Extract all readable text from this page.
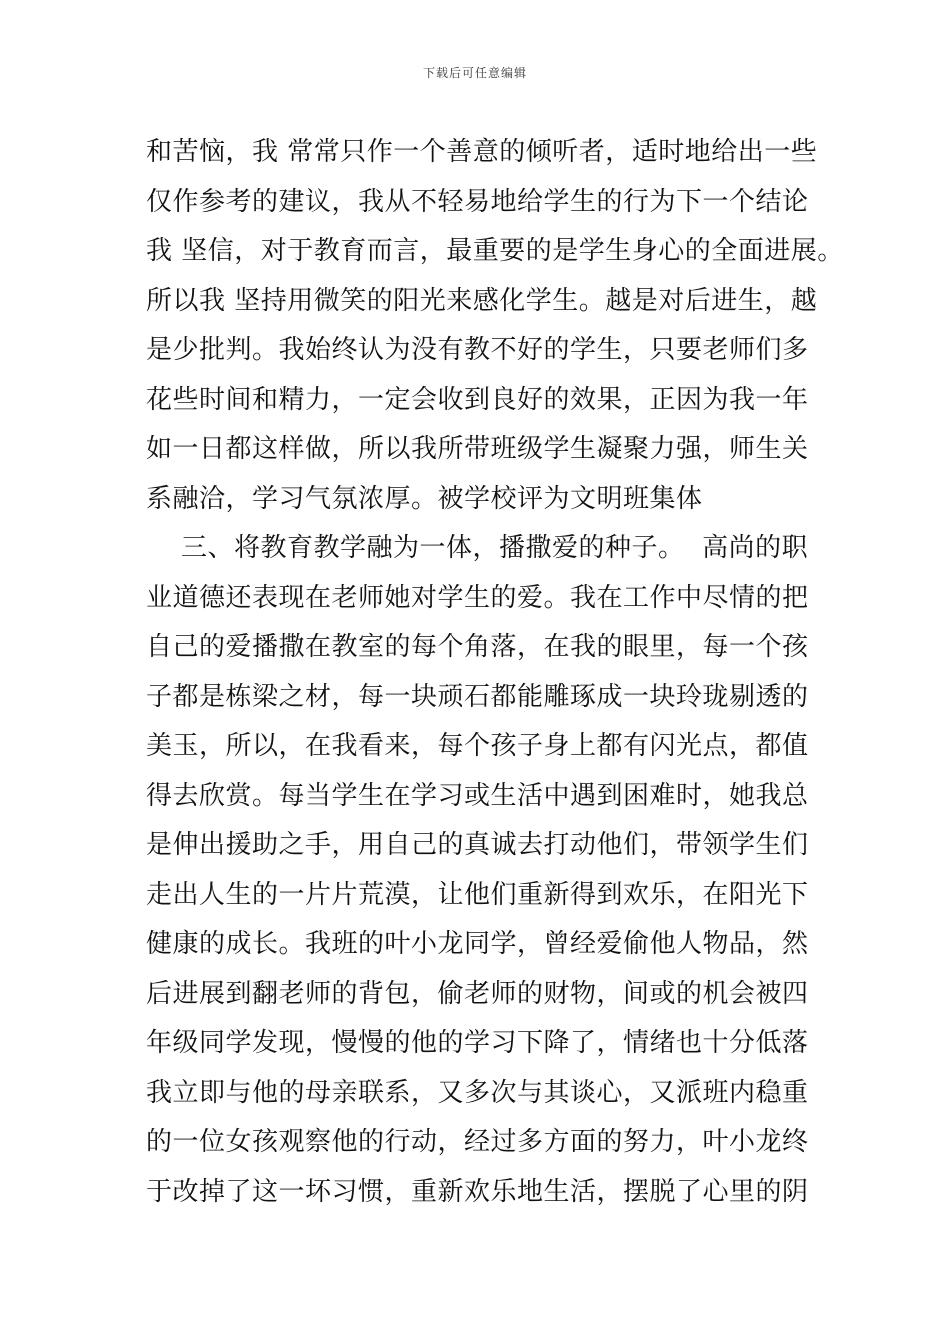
下载后可任意编辑
和苦恼，我 常常只作一个善意的倾听者，适时地给出一些
仅作参考的建议，我从不轻易地给学生的行为下一个结论
我 坚信，对于教育而言，最重要的是学生身心的全面进展。
所以我 坚持用微笑的阳光来感化学生。越是对后进生，越
是少批判。我始终认为没有教不好的学生，只要老师们多
花些时间和精力，一定会收到良好的效果，正因为我一年
如一日都这样做，所以我所带班级学生凝聚力强，师生关
系融洽，学习气氛浓厚。被学校评为文明班集体
三、将教育教学融为一体，播撒爱的种子。  高尚的职
业道德还表现在老师她对学生的爱。我在工作中尽情的把
自己的爱播撒在教室的每个角落，在我的眼里，每一个孩
子都是栋梁之材，每一块顽石都能雕琢成一块玲珑剔透的
美玉，所以，在我看来，每个孩子身上都有闪光点，都值
得去欣赏。每当学生在学习或生活中遇到困难时，她我总
是伸出援助之手，用自己的真诚去打动他们，带领学生们
走出人生的一片片荒漠，让他们重新得到欢乐，在阳光下
健康的成长。我班的叶小龙同学，曾经爱偷他人物品，然
后进展到翻老师的背包，偷老师的财物，间或的机会被四
年级同学发现，慢慢的他的学习下降了，情绪也十分低落
我立即与他的母亲联系，又多次与其谈心，又派班内稳重
的一位女孩观察他的行动，经过多方面的努力，叶小龙终
于改掉了这一坏习惯，重新欢乐地生活，摆脱了心里的阴
